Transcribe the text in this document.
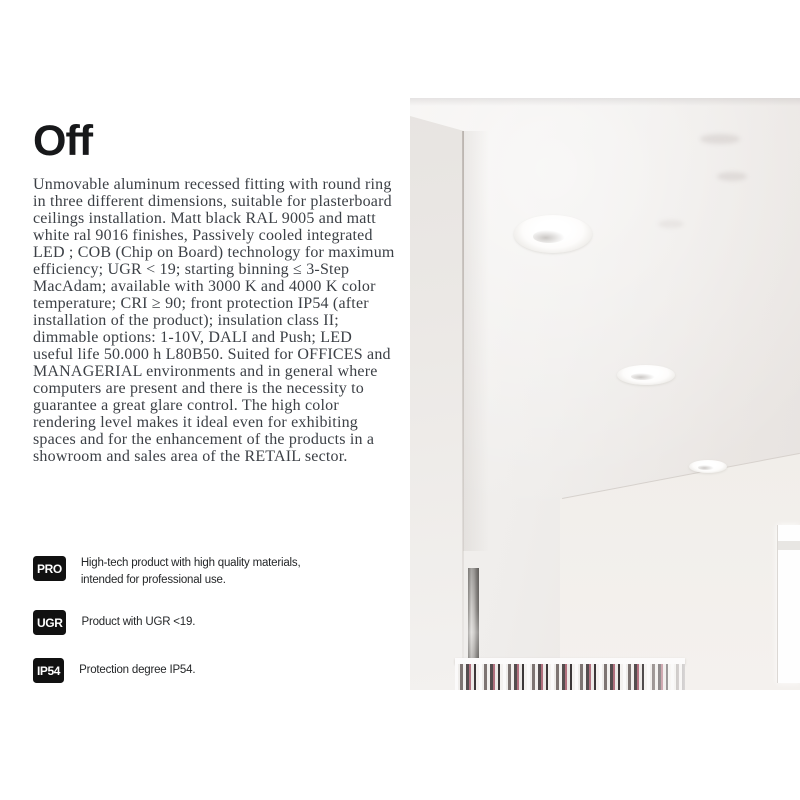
Off

Unmovable aluminum recessed fitting with round ring in three different dimensions, suitable for plasterboard ceilings installation. Matt black RAL 9005 and matt white ral 9016 finishes, Passively cooled integrated LED ; COB (Chip on Board) technology for maximum efficiency; UGR < 19; starting binning ≤ 3-Step MacAdam; available with 3000 K and 4000 K color temperature; CRI ≥ 90; front protection IP54 (after installation of the product); insulation class II; dimmable options: 1-10V, DALI and Push; LED useful life 50.000 h L80B50. Suited for OFFICES and MANAGERIAL environments and in general where computers are present and there is the necessity to guarantee a great glare control. The high color rendering level makes it ideal even for exhibiting spaces and for the enhancement of the products in a showroom and sales area of the RETAIL sector.

PRO	High-tech product with high quality materials, intended for professional use.
UGR	Product with UGR <19.
IP54	Protection degree IP54.
